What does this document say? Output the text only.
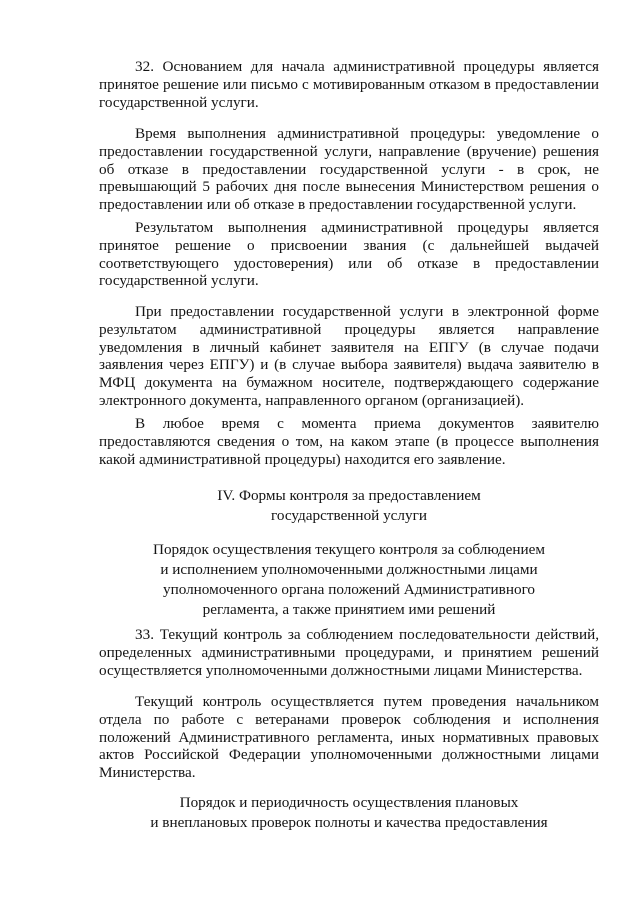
32. Основанием для начала административной процедуры является принятое решение или письмо с мотивированным отказом в предоставлении государственной услуги.

Время выполнения административной процедуры: уведомление о предоставлении государственной услуги, направление (вручение) решения об отказе в предоставлении государственной услуги - в срок, не превышающий 5 рабочих дня после вынесения Министерством решения о предоставлении или об отказе в предоставлении государственной услуги.

Результатом выполнения административной процедуры является принятое решение о присвоении звания (с дальнейшей выдачей соответствующего удостоверения) или об отказе в предоставлении государственной услуги.

При предоставлении государственной услуги в электронной форме результатом административной процедуры является направление уведомления в личный кабинет заявителя на ЕПГУ (в случае подачи заявления через ЕПГУ) и (в случае выбора заявителя) выдача заявителю в МФЦ документа на бумажном носителе, подтверждающего содержание электронного документа, направленного органом (организацией).

В любое время с момента приема документов заявителю предоставляются сведения о том, на каком этапе (в процессе выполнения какой административной процедуры) находится его заявление.

IV. Формы контроля за предоставлением
государственной услуги
Порядок осуществления текущего контроля за соблюдением
и исполнением уполномоченными должностными лицами
уполномоченного органа положений Административного
регламента, а также принятием ими решений

33. Текущий контроль за соблюдением последовательности действий, определенных административными процедурами, и принятием решений осуществляется уполномоченными должностными лицами Министерства.

Текущий контроль осуществляется путем проведения начальником отдела по работе с ветеранами проверок соблюдения и исполнения положений Административного регламента, иных нормативных правовых актов Российской Федерации уполномоченными должностными лицами Министерства.

Порядок и периодичность осуществления плановых
и внеплановых проверок полноты и качества предоставления
